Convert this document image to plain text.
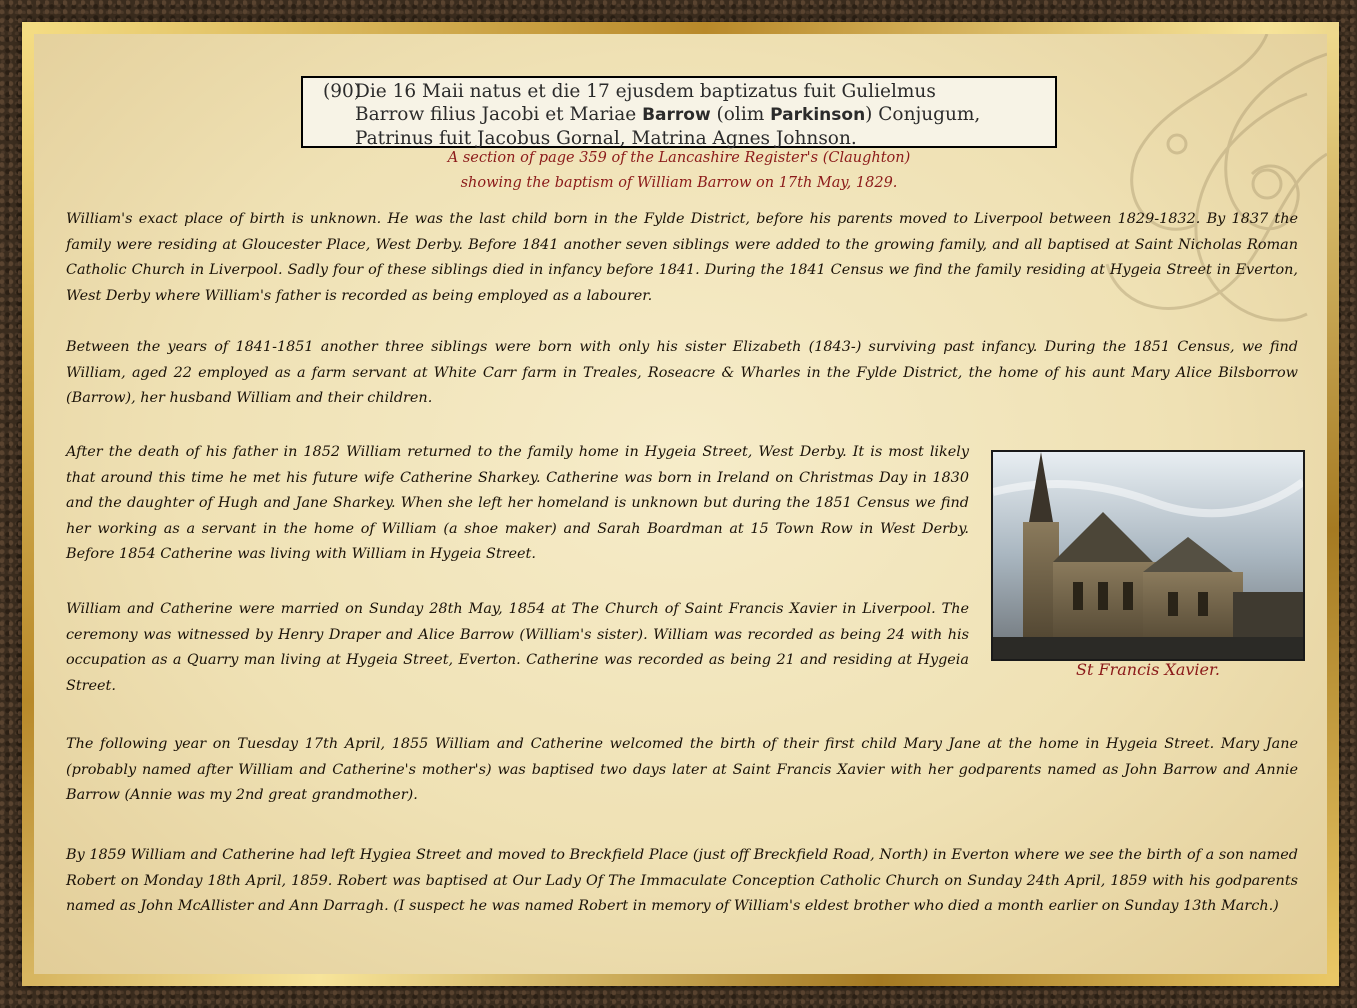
(90)
Die 16 Maii natus et die 17 ejusdem baptizatus fuit Gulielmus
Barrow filius Jacobi et Mariae Barrow (olim Parkinson) Conjugum,
Patrinus fuit Jacobus Gornal, Matrina Agnes Johnson.
A section of page 359 of the Lancashire Register's (Claughton)
showing the baptism of William Barrow on 17th May, 1829.

William's exact place of birth is unknown. He was the last child born in the Fylde District, before his parents moved to Liverpool between 1829-1832. By 1837 the family were residing at Gloucester Place, West Derby. Before 1841 another seven siblings were added to the growing family, and all baptised at Saint Nicholas Roman Catholic Church in Liverpool. Sadly four of these siblings died in infancy before 1841. During the 1841 Census we find the family residing at Hygeia Street in Everton, West Derby where William's father is recorded as being employed as a labourer.

Between the years of 1841-1851 another three siblings were born with only his sister Elizabeth (1843-) surviving past infancy. During the 1851 Census, we find William, aged 22 employed as a farm servant at White Carr farm in Treales, Roseacre & Wharles in the Fylde District, the home of his aunt Mary Alice Bilsborrow (Barrow), her husband William and their children.

After the death of his father in 1852 William returned to the family home in Hygeia Street, West Derby. It is most likely that around this time he met his future wife Catherine Sharkey. Catherine was born in Ireland on Christmas Day in 1830 and the daughter of Hugh and Jane Sharkey. When she left her homeland is unknown but during the 1851 Census we find her working as a servant in the home of William (a shoe maker) and Sarah Boardman at 15 Town Row in West Derby. Before 1854 Catherine was living with William in Hygeia Street.

William and Catherine were married on Sunday 28th May, 1854 at The Church of Saint Francis Xavier in Liverpool. The ceremony was witnessed by Henry Draper and Alice Barrow (William's sister). William was recorded as being 24 with his occupation as a Quarry man living at Hygeia Street, Everton. Catherine was recorded as being 21 and residing at Hygeia Street.

The following year on Tuesday 17th April, 1855 William and Catherine welcomed the birth of their first child Mary Jane at the home in Hygeia Street. Mary Jane (probably named after William and Catherine's mother's) was baptised two days later at Saint Francis Xavier with her godparents named as John Barrow and Annie Barrow (Annie was my 2nd great grandmother).

By 1859 William and Catherine had left Hygiea Street and moved to Breckfield Place (just off Breckfield Road, North) in Everton where we see the birth of a son named Robert on Monday 18th April, 1859. Robert was baptised at Our Lady Of The Immaculate Conception Catholic Church on Sunday 24th April, 1859 with his godparents named as John McAllister and Ann Darragh. (I suspect he was named Robert in memory of William's eldest brother who died a month earlier on Sunday 13th March.)

St Francis Xavier.
